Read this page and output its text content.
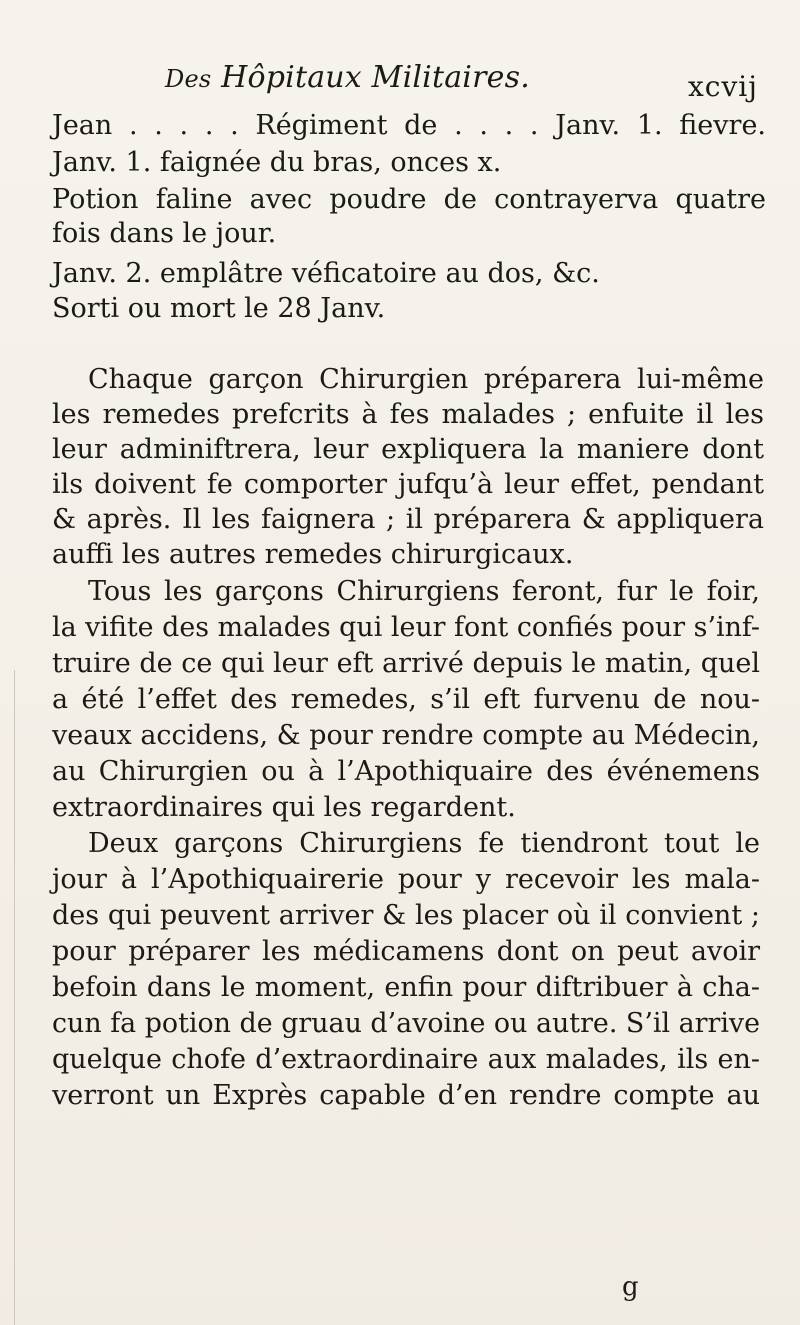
Des Hôpitaux Militaires.	xcvij
Jean . . . . . Régiment de . . . . Janv. 1. fievre.
Janv. 1. faignée du bras, onces x.
Potion faline avec poudre de contrayerva quatre
fois dans le jour.
Janv. 2. emplâtre véficatoire au dos, &c.
Sorti ou mort le 28 Janv.
Chaque garçon Chirurgien préparera lui-même
les remedes prefcrits à fes malades ; enfuite il les
leur adminiftrera, leur expliquera la maniere dont
ils doivent fe comporter jufqu’à leur effet, pendant
& après. Il les faignera ; il préparera & appliquera
auffi les autres remedes chirurgicaux.
Tous les garçons Chirurgiens feront, fur le foir,
la vifite des malades qui leur font confiés pour s’inf-
truire de ce qui leur eft arrivé depuis le matin, quel
a été l’effet des remedes, s’il eft furvenu de nou-
veaux accidens, & pour rendre compte au Médecin,
au Chirurgien ou à l’Apothiquaire des événemens
extraordinaires qui les regardent.
Deux garçons Chirurgiens fe tiendront tout le
jour à l’Apothiquairerie pour y recevoir les mala-
des qui peuvent arriver & les placer où il convient ;
pour préparer les médicamens dont on peut avoir
befoin dans le moment, enfin pour diftribuer à cha-
cun fa potion de gruau d’avoine ou autre. S’il arrive
quelque chofe d’extraordinaire aux malades, ils en-
verront un Exprès capable d’en rendre compte au
g
